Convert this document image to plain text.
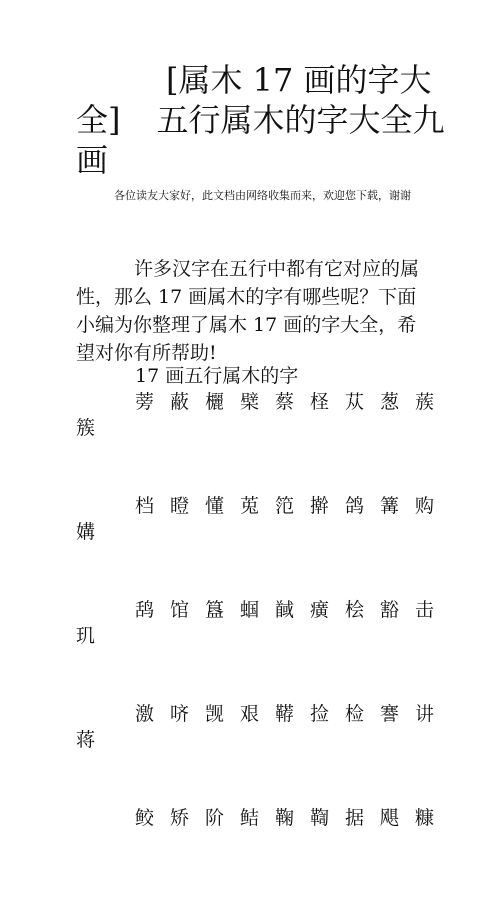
[属木 17 画的字大
全] 五行属木的字大全九
画
各位读友大家好，此文档由网络收集而来，欢迎您下载，谢谢
许多汉字在五行中都有它对应的属性，那么 17 画属木的字有哪些呢？下面小编为你整理了属木 17 画的字大全，希望对你有所帮助!
17 画五行属木的字
蒡 蔽 欐 檗 蔡 柽 苁 葱 蔟
簇
档 瞪 懂 莵 笵 擀 鸽 篝 购
媾
鸹 馆 簋 蝈 馘 癀 桧 豁 击
玑
激 哜 觊 艰 鞯 捡 检 謇 讲
蒋
鲛 矫 阶 鲒 鞠 鞫 据 飓 糠
